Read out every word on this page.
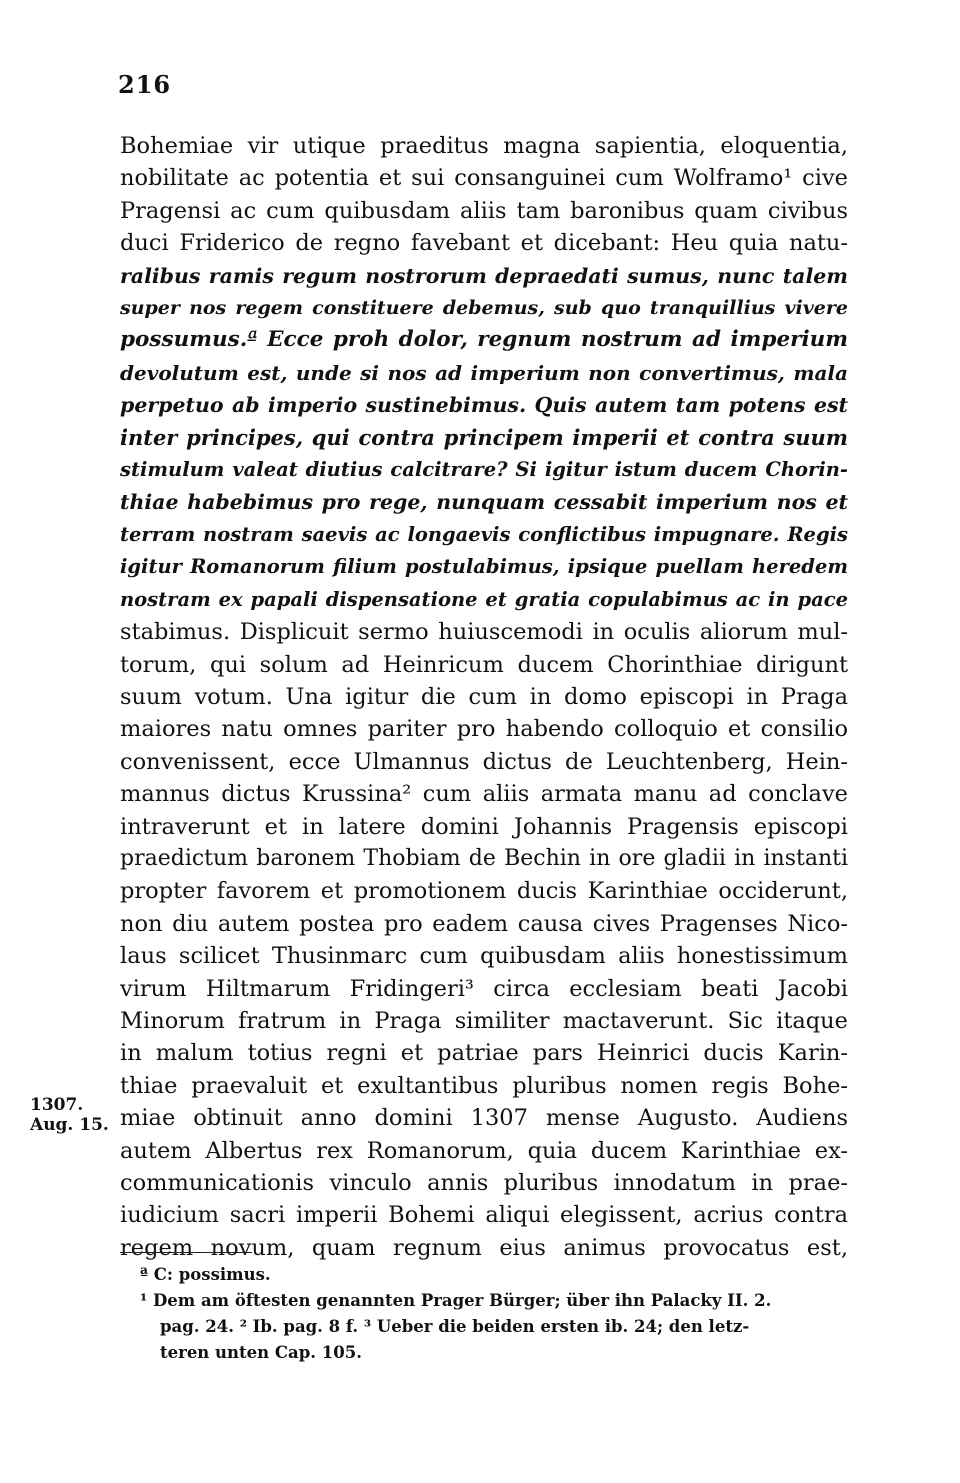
216
Bohemiae vir utique praeditus magna sapientia, eloquentia,
nobilitate ac potentia et sui consanguinei cum Wolframo¹ cive
Pragensi ac cum quibusdam aliis tam baronibus quam civibus
duci Friderico de regno favebant et dicebant: Heu quia natu-
ralibus ramis regum nostrorum depraedati sumus, nunc talem
super nos regem constituere debemus, sub quo tranquillius vivere
possumus.ª Ecce proh dolor, regnum nostrum ad imperium
devolutum est, unde si nos ad imperium non convertimus, mala
perpetuo ab imperio sustinebimus. Quis autem tam potens est
inter principes, qui contra principem imperii et contra suum
stimulum valeat diutius calcitrare? Si igitur istum ducem Chorin-
thiae habebimus pro rege, nunquam cessabit imperium nos et
terram nostram saevis ac longaevis conflictibus impugnare. Regis
igitur Romanorum filium postulabimus, ipsique puellam heredem
nostram ex papali dispensatione et gratia copulabimus ac in pace
stabimus. Displicuit sermo huiuscemodi in oculis aliorum mul-
torum, qui solum ad Heinricum ducem Chorinthiae dirigunt
suum votum. Una igitur die cum in domo episcopi in Praga
maiores natu omnes pariter pro habendo colloquio et consilio
convenissent, ecce Ulmannus dictus de Leuchtenberg, Hein-
mannus dictus Krussina² cum aliis armata manu ad conclave
intraverunt et in latere domini Johannis Pragensis episcopi
praedictum baronem Thobiam de Bechin in ore gladii in instanti
propter favorem et promotionem ducis Karinthiae occiderunt,
non diu autem postea pro eadem causa cives Pragenses Nico-
laus scilicet Thusinmarc cum quibusdam aliis honestissimum
virum Hiltmarum Fridingeri³ circa ecclesiam beati Jacobi
Minorum fratrum in Praga similiter mactaverunt. Sic itaque
in malum totius regni et patriae pars Heinrici ducis Karin-
thiae praevaluit et exultantibus pluribus nomen regis Bohe-
miae obtinuit anno domini 1307 mense Augusto. Audiens
autem Albertus rex Romanorum, quia ducem Karinthiae ex-
communicationis vinculo annis pluribus innodatum in prae-
iudicium sacri imperii Bohemi aliqui elegissent, acrius contra
regem novum, quam regnum eius animus provocatus est,
1307.
Aug. 15.
ª C: possimus.
¹ Dem am öftesten genannten Prager Bürger; über ihn Palacky II. 2.
pag. 24. ² Ib. pag. 8 f. ³ Ueber die beiden ersten ib. 24; den letz-
teren unten Cap. 105.
